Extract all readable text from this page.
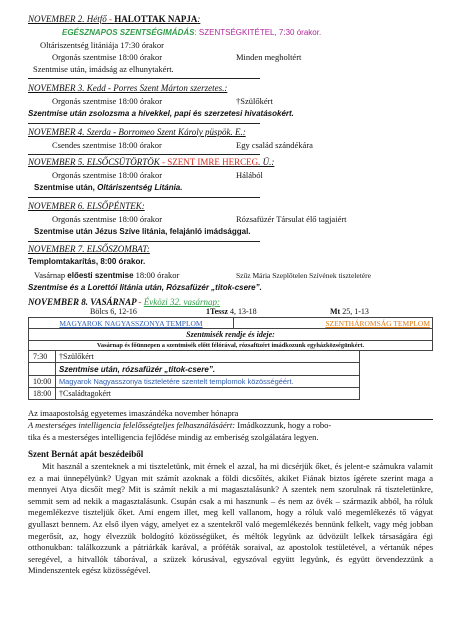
NOVEMBER 2. Hétfő - HALOTTAK NAPJA:
EGÉSZNAPOS SZENTSÉGIMÁDÁS: SZENTSÉGKITÉTEL, 7:30 órakor.
Oltáriszentség litániája 17:30 órakor
Orgonás szentmise 18:00 órakor	Minden megholtért
Szentmise után, imádság az elhunytakért.
NOVEMBER 3. Kedd - Porres Szent Márton szerzetes.:
Orgonás szentmise 18:00 órakor	†Szülőkért
Szentmise után zsolozsma a hívekkel, papi és szerzetesi hivatásokért.
NOVEMBER 4. Szerda - Borromeo Szent Károly püspök. E.:
Csendes szentmise 18:00 órakor	Egy család szándékára
NOVEMBER 5. ELSŐCSÜTÖRTÖK - SZENT IMRE HERCEG. Ü.:
Orgonás szentmise 18:00 órakor	Hálából
Szentmise után, Oltáriszentség Litánia.
NOVEMBER 6. ELSŐPÉNTEK:
Orgonás szentmise 18:00 órakor	Rózsafüzér Társulat élő tagjaiért
Szentmise után Jézus Szíve litánia, felajánló imádsággal.
NOVEMBER 7. ELSŐSZOMBAT:
Templomtakarítás, 8:00 órakor.
Vasárnap előesti szentmise 18:00 órakor	Szűz Mária Szeplőtelen Szívének tiszteletére
Szentmise és a Lorettói litánia után, Rózsafüzér „titok-csere”.
NOVEMBER 8. VASÁRNAP - Évközi 32. vasárnap:
Bölcs 6, 12-16	1Tessz 4, 13-18	Mt 25, 1-13
MAGYAROK NAGYASSZONYA TEMPLOM	SZENTHÁROMSÁG TEMPLOM
Szentmisék rendje és ideje:
Vasárnap és főünnepen a szentmisék előtt félórával, rózsafüzért imádkozunk egyházközségünkért.
7:30 †Szülőkért
Szentmise után, rózsafüzér „titok-csere”.
10:00 Magyarok Nagyasszonya tiszteletére szentelt templomok közösségéért.
18:00 †Családtagokért
Az imaapostolság egyetemes imaszándéka november hónapra
A mesterséges intelligencia felelősségteljes felhasználásáért: Imádkozzunk, hogy a robo-
tika és a mesterséges intelligencia fejlődése mindig az emberiség szolgálatára legyen.
Szent Bernát apát beszédeiből
Mit használ a szenteknek a mi tiszteletünk, mit érnek el azzal, ha mi dicsérjük őket, és jelent-e számukra valamit ez a mai ünnepélyünk? Ugyan mit számít azoknak a földi dicsőítés, akiket Fiának biztos ígérete szerint maga a mennyei Atya dicsőít meg? Mit is számít nekik a mi magasztalásunk? A szentek nem szorulnak rá tiszteletünkre, semmit sem ad nekik a magasztalásunk. Csupán csak a mi hasznunk – és nem az övék – származik abból, ha róluk megemlékezve tiszteljük őket. Ami engem illet, meg kell vallanom, hogy a róluk való megemlékezés tő vágyat gyullaszt bennem. Az első ilyen vágy, amelyet ez a szentekről való megemlékezés bennünk felkelt, vagy még jobban megerősít, az, hogy élvezzük boldogító közösségüket, és méltók legyünk az üdvözült lelkek társaságára égi otthonukban: találkozzunk a pátriárkák karával, a próféták soraival, az apostolok testületével, a vértanúk népes seregével, a hitvallók táborával, a szüzek kórusával, egyszóval együtt legyünk, és együtt örvendezzünk a Mindenszentek egész közösségével.
